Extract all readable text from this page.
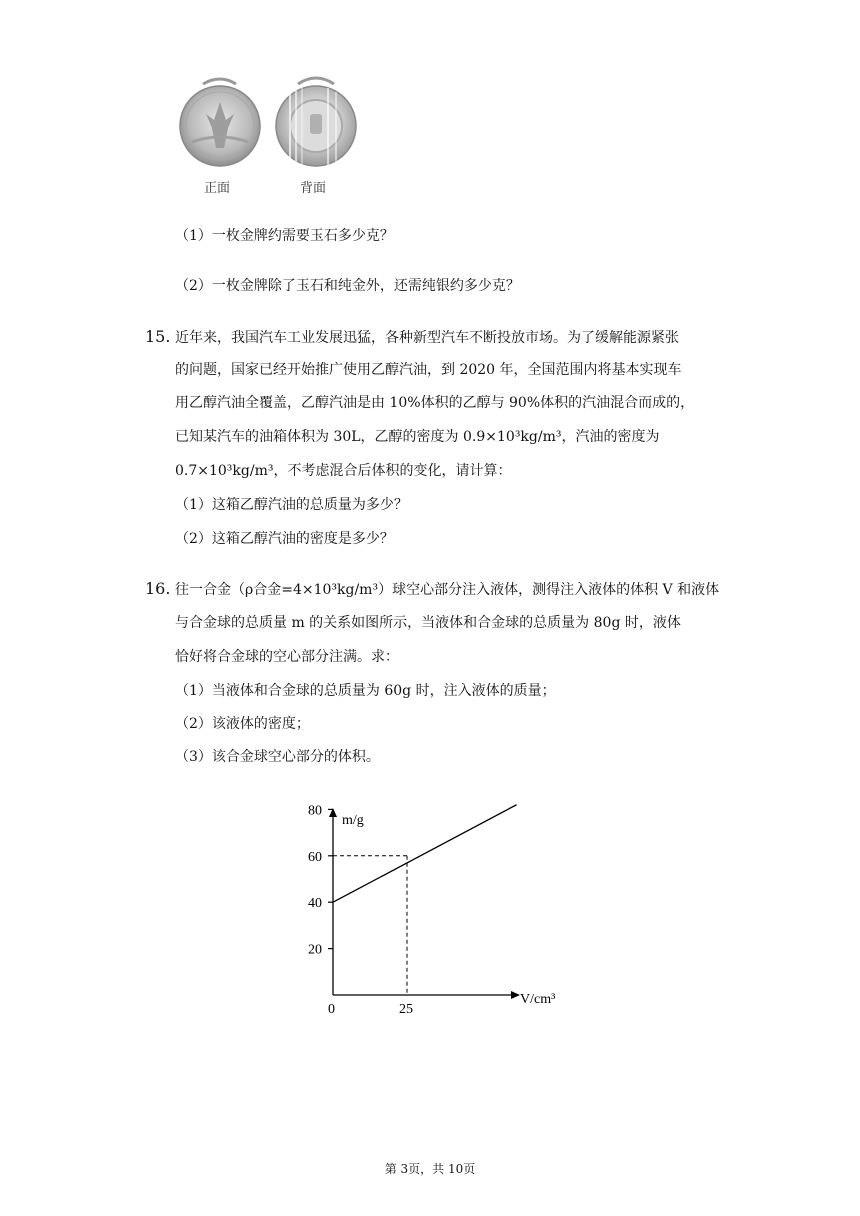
正面	背面
（1）一枚金牌约需要玉石多少克？
（2）一枚金牌除了玉石和纯金外，还需纯银约多少克？
15. 近年来，我国汽车工业发展迅猛，各种新型汽车不断投放市场。为了缓解能源紧张
的问题，国家已经开始推广使用乙醇汽油，到 2020 年，全国范围内将基本实现车
用乙醇汽油全覆盖，乙醇汽油是由 10%体积的乙醇与 90%体积的汽油混合而成的，
已知某汽车的油箱体积为 30L，乙醇的密度为 0.9×10³kg/m³，汽油的密度为
0.7×10³kg/m³，不考虑混合后体积的变化，请计算：
（1）这箱乙醇汽油的总质量为多少？
（2）这箱乙醇汽油的密度是多少？
16. 往一合金（ρ合金=4×10³kg/m³）球空心部分注入液体，测得注入液体的体积 V 和液体
与合金球的总质量 m 的关系如图所示，当液体和合金球的总质量为 80g 时，液体
恰好将合金球的空心部分注满。求：
（1）当液体和合金球的总质量为 60g 时，注入液体的质量；
（2）该液体的密度；
（3）该合金球空心部分的体积。
m/g
V/cm³
20
40
60
80
0	25
第 3页，共 10页
